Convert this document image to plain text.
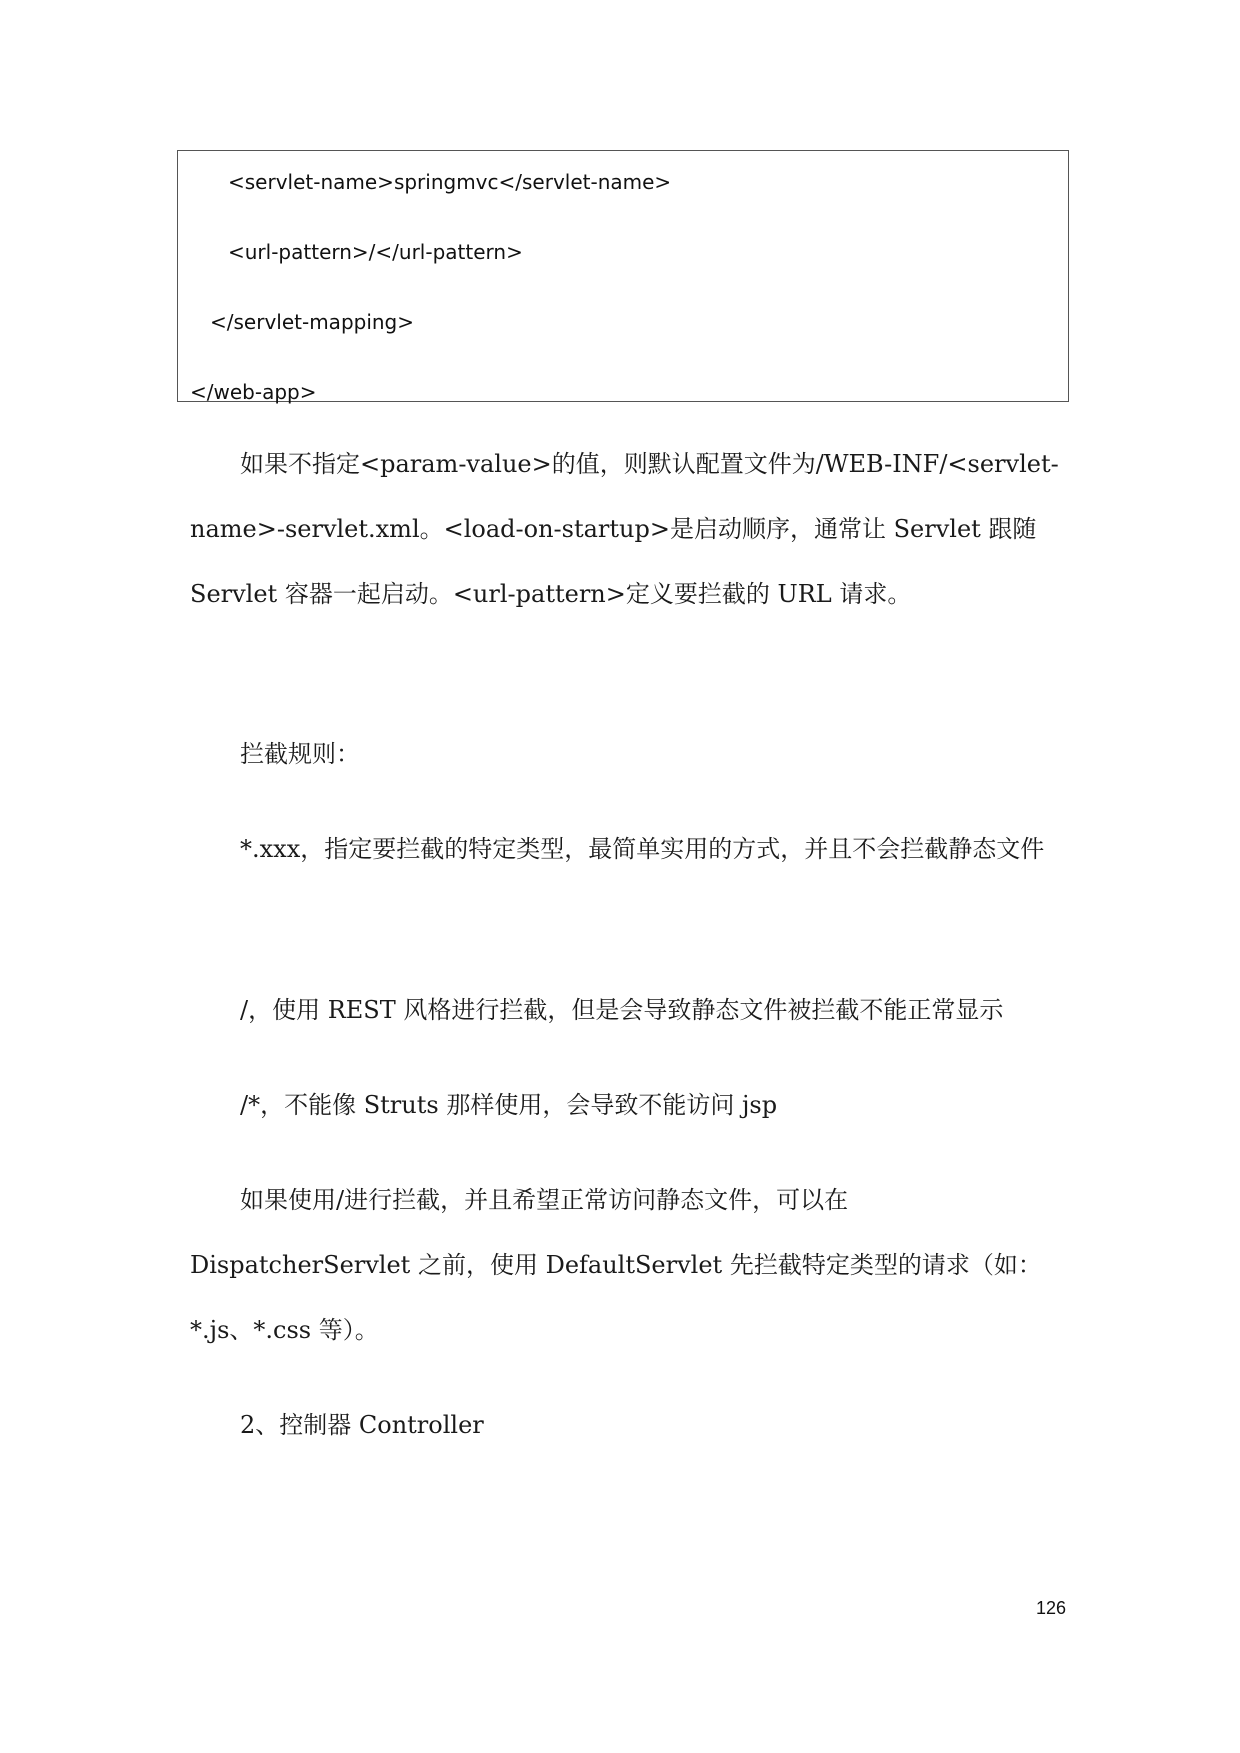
<servlet-name>springmvc</servlet-name>
<url-pattern>/</url-pattern>
</servlet-mapping>
</web-app>

如果不指定<param-value>的值，则默认配置文件为/WEB-INF/<servlet-name>-servlet.xml。<load-on-startup>是启动顺序，通常让 Servlet 跟随 Servlet 容器一起启动。<url-pattern>定义要拦截的 URL 请求。

拦截规则：

*.xxx，指定要拦截的特定类型，最简单实用的方式，并且不会拦截静态文件

/，使用 REST 风格进行拦截，但是会导致静态文件被拦截不能正常显示

/*，不能像 Struts 那样使用，会导致不能访问 jsp

如果使用/进行拦截，并且希望正常访问静态文件，可以在DispatcherServlet 之前，使用 DefaultServlet 先拦截特定类型的请求（如：*.js、*.css 等）。

2、控制器 Controller

126
